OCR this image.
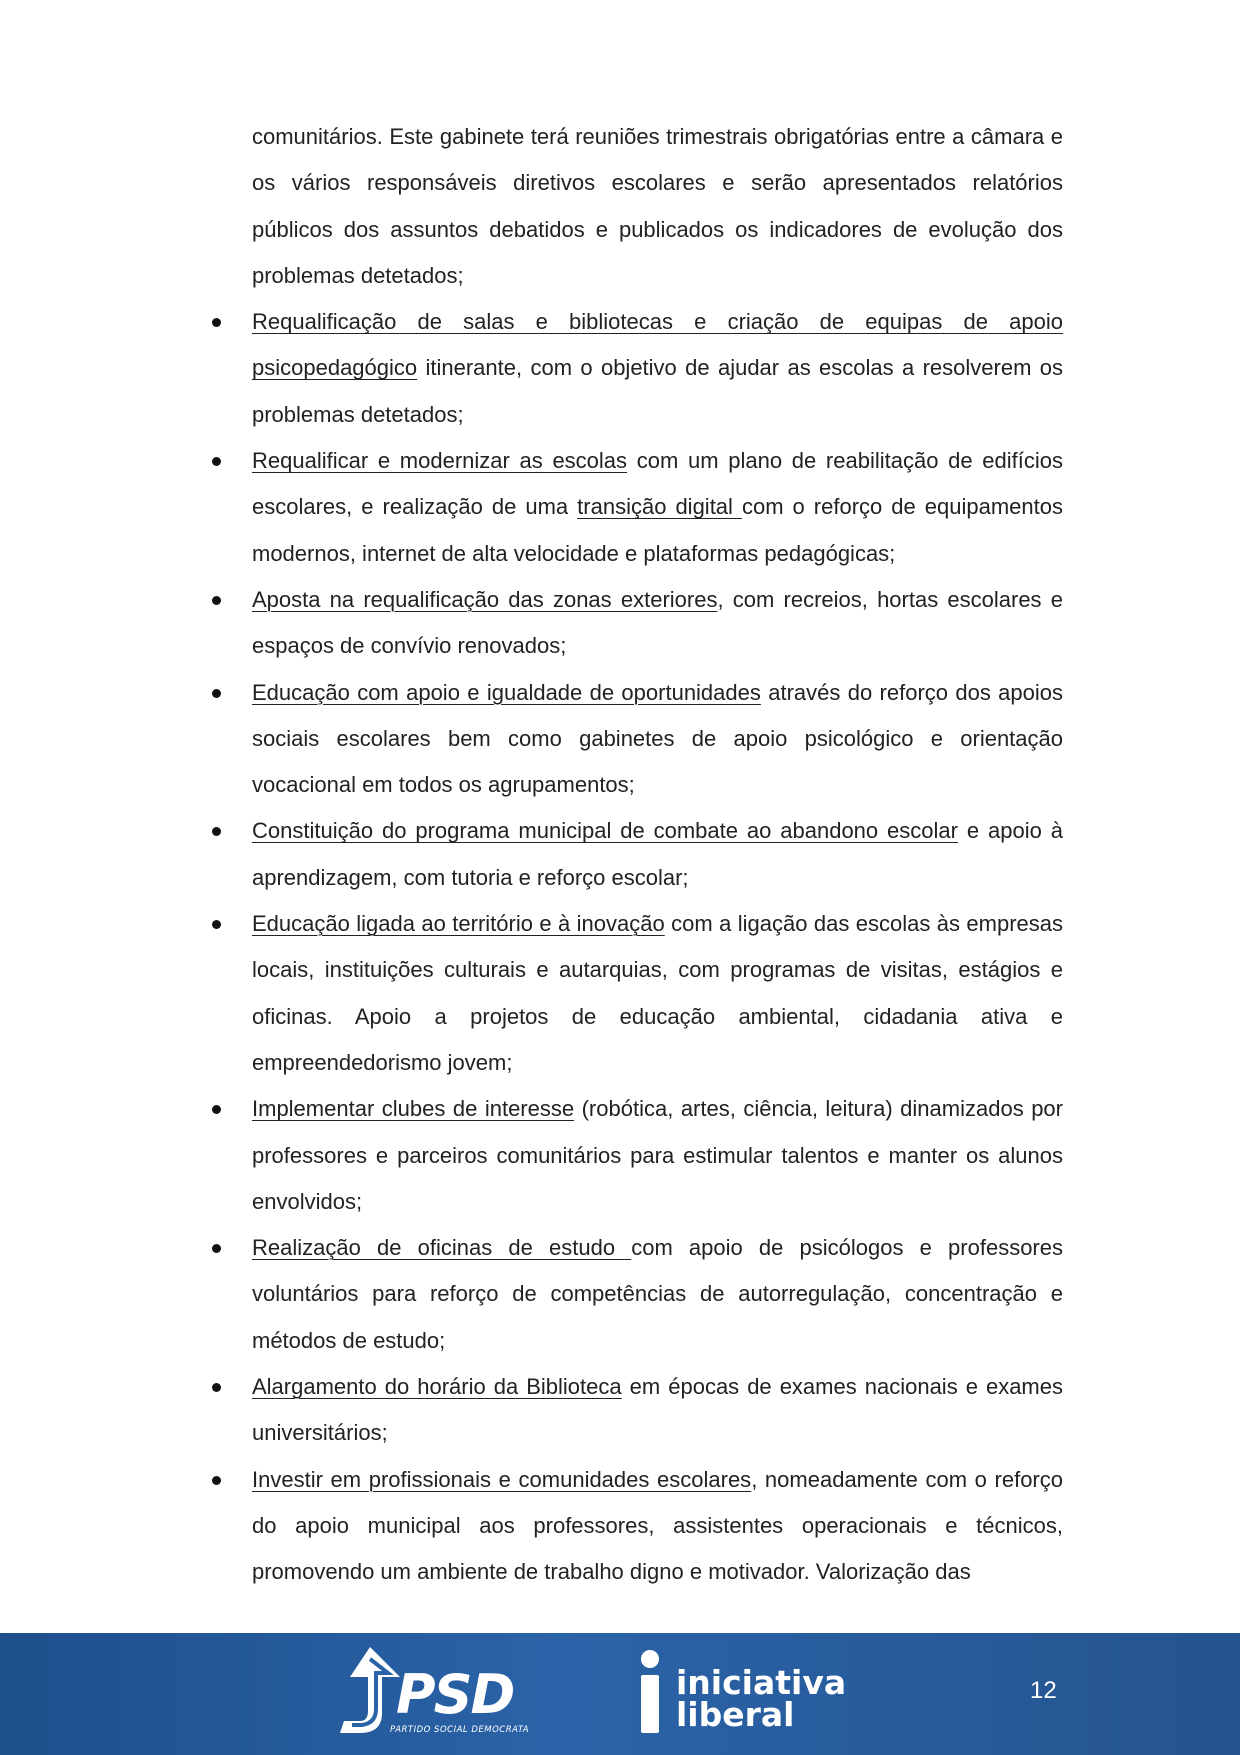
comunitários. Este gabinete terá reuniões trimestrais obrigatórias entre a câmara e os vários responsáveis diretivos escolares e serão apresentados relatórios públicos dos assuntos debatidos e publicados os indicadores de evolução dos problemas detetados;

Requalificação de salas e bibliotecas e criação de equipas de apoio psicopedagógico itinerante, com o objetivo de ajudar as escolas a resolverem os problemas detetados;
Requalificar e modernizar as escolas com um plano de reabilitação de edifícios escolares, e realização de uma transição digital com o reforço de equipamentos modernos, internet de alta velocidade e plataformas pedagógicas;
Aposta na requalificação das zonas exteriores, com recreios, hortas escolares e espaços de convívio renovados;
Educação com apoio e igualdade de oportunidades através do reforço dos apoios sociais escolares bem como gabinetes de apoio psicológico e orientação vocacional em todos os agrupamentos;
Constituição do programa municipal de combate ao abandono escolar e apoio à aprendizagem, com tutoria e reforço escolar;
Educação ligada ao território e à inovação com a ligação das escolas às empresas locais, instituições culturais e autarquias, com programas de visitas, estágios e oficinas. Apoio a projetos de educação ambiental, cidadania ativa e empreendedorismo jovem;
Implementar clubes de interesse (robótica, artes, ciência, leitura) dinamizados por professores e parceiros comunitários para estimular talentos e manter os alunos envolvidos;
Realização de oficinas de estudo com apoio de psicólogos e professores voluntários para reforço de competências de autorregulação, concentração e métodos de estudo;
Alargamento do horário da Biblioteca em épocas de exames nacionais e exames universitários;
Investir em profissionais e comunidades escolares, nomeadamente com o reforço do apoio municipal aos professores, assistentes operacionais e técnicos, promovendo um ambiente de trabalho digno e motivador. Valorização das
PSD
PARTIDO SOCIAL DEMOCRATA
iniciativa
liberal
12
